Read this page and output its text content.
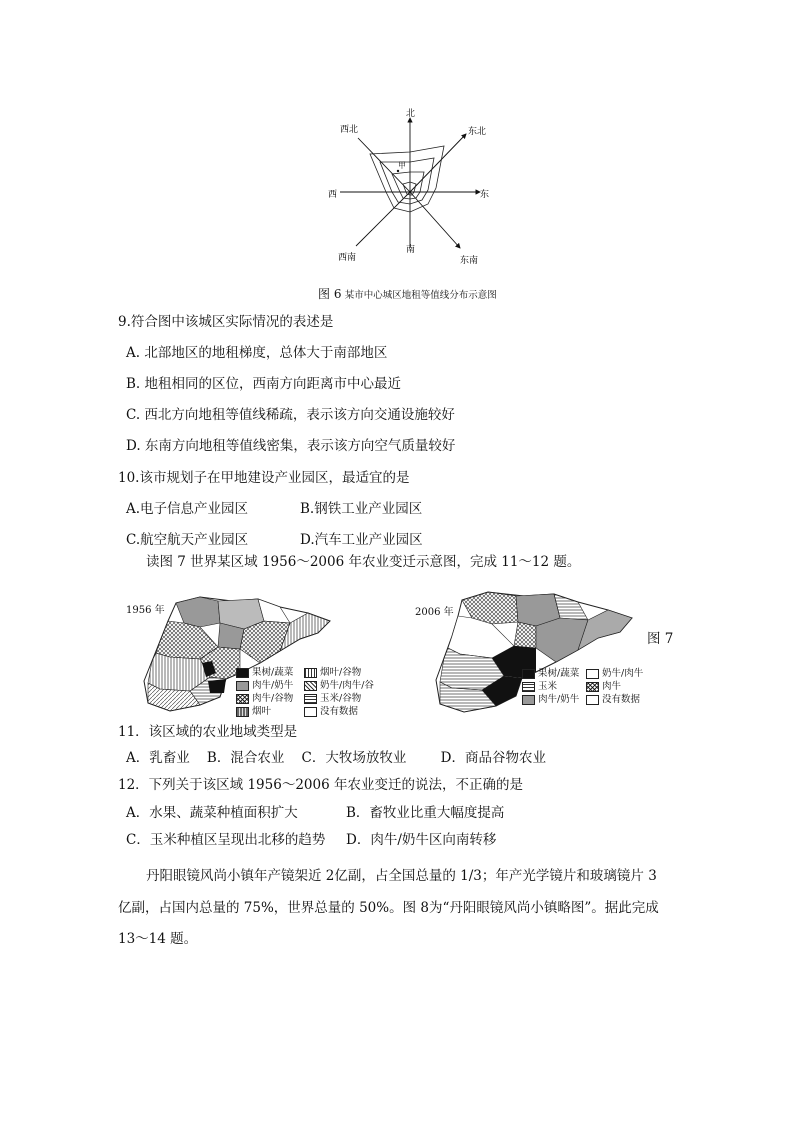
甲
北
东北
东
东南
南
西南
西
西北
图 6 某市中心城区地租等值线分布示意图
9.符合图中该城区实际情况的表述是
A. 北部地区的地租梯度，总体大于南部地区
B. 地租相同的区位，西南方向距离市中心最近
C. 西北方向地租等值线稀疏，表示该方向交通设施较好
D. 东南方向地租等值线密集，表示该方向空气质量较好
10.该市规划子在甲地建设产业园区，最适宜的是
A.电子信息产业园区	B.钢铁工业产业园区
C.航空航天产业园区	D.汽车工业产业园区
读图 7 世界某区域 1956～2006 年农业变迁示意图，完成 11～12 题。
1956 年
果树/蔬菜	烟叶/谷物
肉牛/奶牛	奶牛/肉牛/谷
肉牛/谷物	玉米/谷物
烟叶	没有数据
2006 年
图 7
果树/蔬菜	奶牛/肉牛
玉米	肉牛
肉牛/奶牛	没有数据
11．该区域的农业地域类型是
A．乳畜业    B．混合农业    C．大牧场放牧业        D．商品谷物农业
12．下列关于该区域 1956～2006 年农业变迁的说法，不正确的是
A．水果、蔬菜种植面积扩大	B．畜牧业比重大幅度提高
C．玉米种植区呈现出北移的趋势 D．肉牛/奶牛区向南转移
丹阳眼镜风尚小镇年产镜架近 2亿副，占全国总量的 1/3；年产光学镜片和玻璃镜片 3
亿副，占国内总量的 75%，世界总量的 50%。图 8为“丹阳眼镜风尚小镇略图”。据此完成
13～14 题。
